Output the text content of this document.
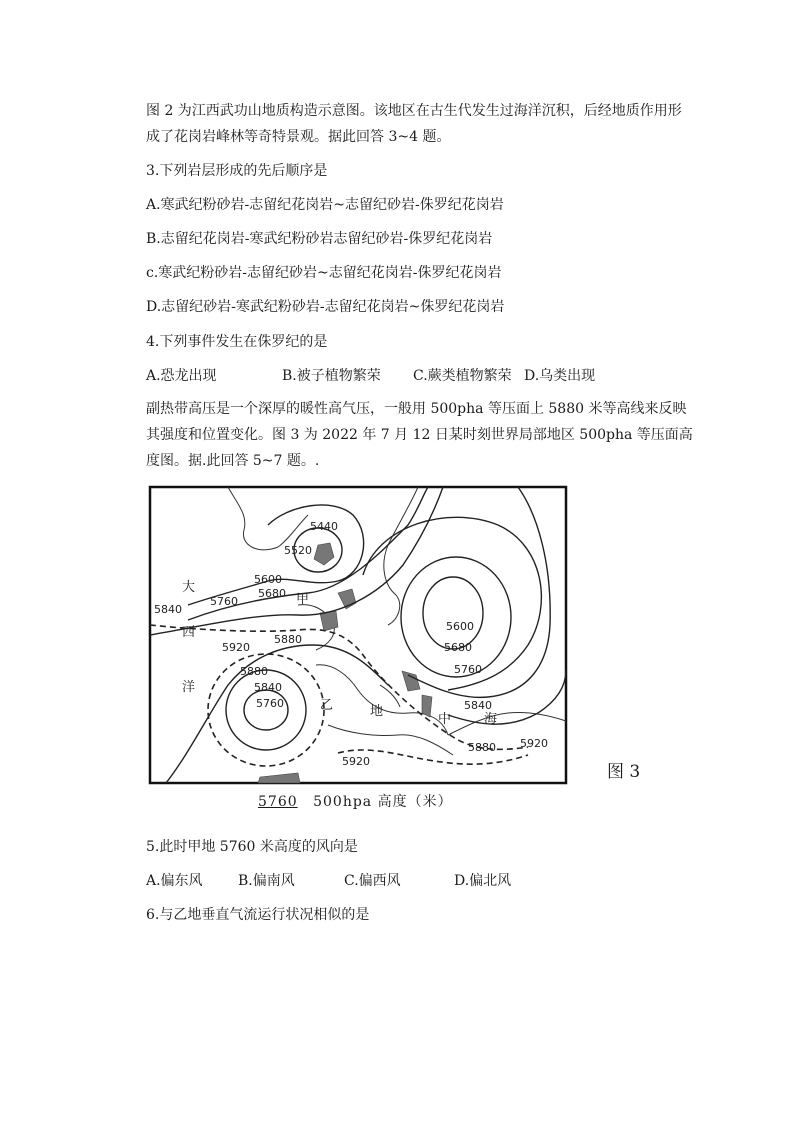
图 2 为江西武功山地质构造示意图。该地区在古生代发生过海洋沉积，后经地质作用形成了花岗岩峰林等奇特景观。据此回答 3~4 题。
3.下列岩层形成的先后顺序是
A.寒武纪粉砂岩-志留纪花岗岩~志留纪砂岩-侏罗纪花岗岩
B.志留纪花岗岩-寒武纪粉砂岩志留纪砂岩-侏罗纪花岗岩
c.寒武纪粉砂岩-志留纪砂岩~志留纪花岗岩-侏罗纪花岗岩
D.志留纪砂岩-寒武纪粉砂岩-志留纪花岗岩~侏罗纪花岗岩
4.下列事件发生在侏罗纪的是
A.恐龙出现	B.被子植物繁荣 C.蕨类植物繁荣 D.乌类出现
副热带高压是一个深厚的暖性高气压，一般用 500pha 等压面上 5880 米等高线来反映其强度和位置变化。图 3 为 2022 年 7 月 12 日某时刻世界局部地区 500pha 等压面高度图。据.此回答 5~7 题。.
5440
5520
5600
5680
5760
5840
5880
5920
5600
5680
5760
5840
5880 5920
5880
5840
5760
5920
大
西
洋
甲
乙	地
中	海
图 3
5760 500hpa 高度（米）
5.此时甲地 5760 米高度的风向是
A.偏东风	B.偏南风	C.偏西风	D.偏北风
6.与乙地垂直气流运行状况相似的是
